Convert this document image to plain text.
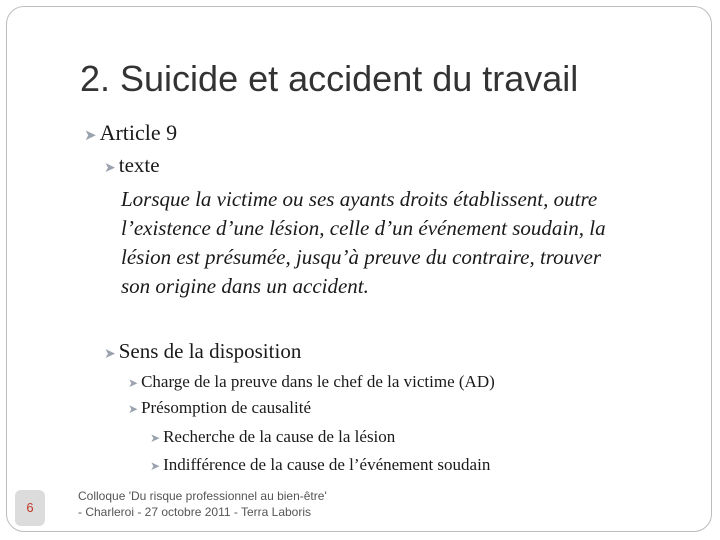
2. Suicide et accident du travail
➤ Article 9
➤ texte
Lorsque la victime ou ses ayants droits établissent, outre
l’existence d’une lésion, celle d’un événement soudain, la
lésion est présumée, jusqu’à preuve du contraire, trouver
son origine dans un accident.
➤ Sens de la disposition
➤ Charge de la preuve dans le chef de la victime (AD)
➤ Présomption de causalité
➤ Recherche de la cause de la lésion
➤ Indifférence de la cause de l’événement soudain
6
Colloque 'Du risque professionnel au bien-être'
- Charleroi - 27 octobre 2011 - Terra Laboris
